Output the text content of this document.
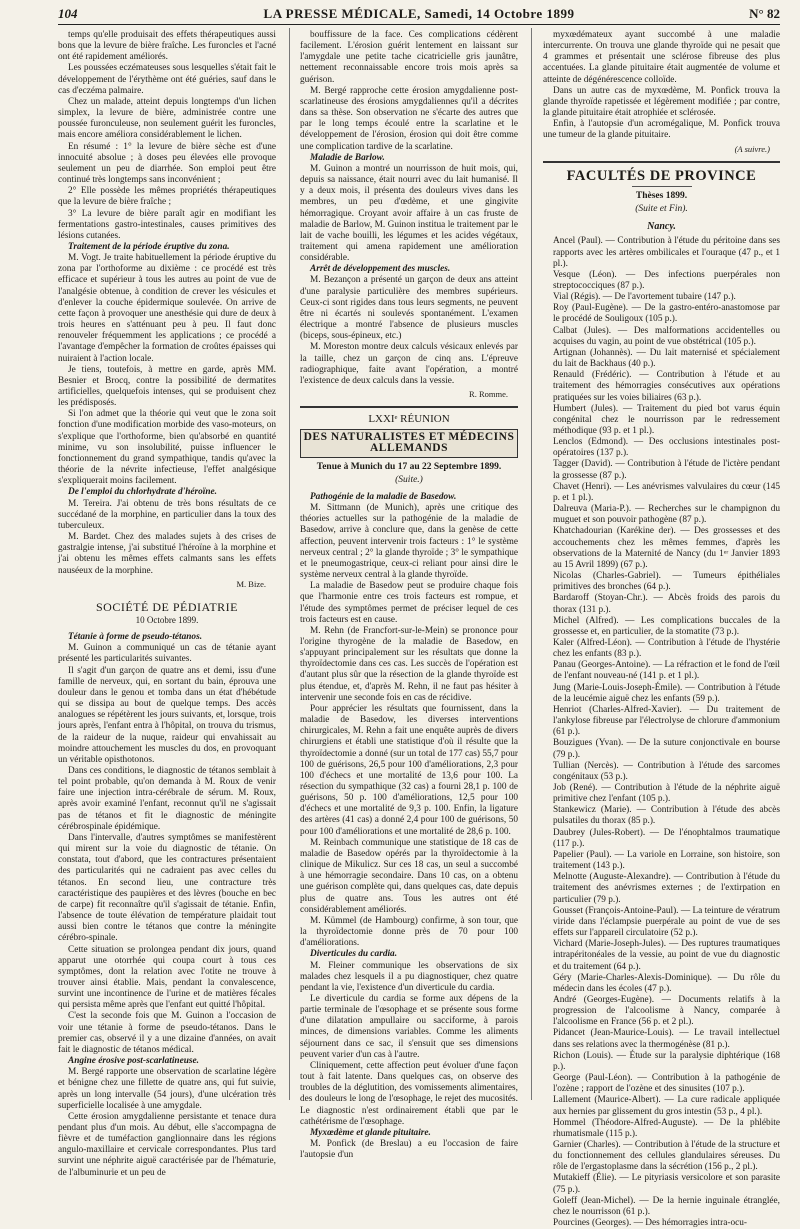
104	LA PRESSE MÉDICALE, Samedi, 14 Octobre 1899	N° 82

temps qu'elle produisait des effets thérapeutiques aussi bons que la levure de bière fraîche. Les furoncles et l'acné ont été rapidement améliorés.

Les poussées eczémateuses sous lesquelles s'était fait le développement de l'érythème ont été guéries, sauf dans le cas d'eczéma palmaire.

Chez un malade, atteint depuis longtemps d'un lichen simplex, la levure de bière, administrée contre une poussée furonculeuse, non seulement guérit les furoncles, mais encore améliora considérablement le lichen.

En résumé : 1° la levure de bière sèche est d'une innocuité absolue ; à doses peu élevées elle provoque seulement un peu de diarrhée. Son emploi peut être continué très longtemps sans inconvénient ;

2° Elle possède les mêmes propriétés thérapeutiques que la levure de bière fraîche ;

3° La levure de bière paraît agir en modifiant les fermentations gastro-intestinales, causes primitives des lésions cutanées.

Traitement de la période éruptive du zona.

M. Vogt. Je traite habituellement la période éruptive du zona par l'orthoforme au dixième : ce procédé est très efficace et supérieur à tous les autres au point de vue de l'analgésie obtenue, à condition de crever les vésicules et d'enlever la couche épidermique soulevée. On arrive de cette façon à provoquer une anesthésie qui dure de deux à trois heures en s'atténuant peu à peu. Il faut donc renouveler fréquemment les applications ; ce procédé a l'avantage d'empêcher la formation de croûtes épaisses qui nuiraient à l'action locale.

Je tiens, toutefois, à mettre en garde, après MM. Besnier et Brocq, contre la possibilité de dermatites artificielles, quelquefois intenses, qui se produisent chez les prédisposés.

Si l'on admet que la théorie qui veut que le zona soit fonction d'une modification morbide des vaso-moteurs, on s'explique que l'orthoforme, bien qu'absorbé en quantité minime, vu son insolubilité, puisse influencer le fonctionnement du grand sympathique, tandis qu'avec la théorie de la névrite infectieuse, l'effet analgésique s'expliquerait moins facilement.

De l'emploi du chlorhydrate d'héroïne.

M. Tereira. J'ai obtenu de très bons résultats de ce succédané de la morphine, en particulier dans la toux des tuberculeux.

M. Bardet. Chez des malades sujets à des crises de gastralgie intense, j'ai substitué l'héroïne à la morphine et j'ai obtenu les mêmes effets calmants sans les effets nauséeux de la morphine.

M. Bize.

SOCIÉTÉ DE PÉDIATRIE

10 Octobre 1899.

Tétanie à forme de pseudo-tétanos.

M. Guinon a communiqué un cas de tétanie ayant présenté les particularités suivantes.

Il s'agit d'un garçon de quatre ans et demi, issu d'une famille de nerveux, qui, en sortant du bain, éprouva une douleur dans le genou et tomba dans un état d'hébétude qui se dissipa au bout de quelque temps. Des accès analogues se répétèrent les jours suivants, et, lorsque, trois jours après, l'enfant entra à l'hôpital, on trouva du trismus, de la raideur de la nuque, raideur qui envahissait au moindre attouchement les muscles du dos, en provoquant un véritable opisthotonos.

Dans ces conditions, le diagnostic de tétanos semblait à tel point probable, qu'on demanda à M. Roux de venir faire une injection intra-cérébrale de sérum. M. Roux, après avoir examiné l'enfant, reconnut qu'il ne s'agissait pas de tétanos et fit le diagnostic de méningite cérébrospinale épidémique.

Dans l'intervalle, d'autres symptômes se manifestèrent qui mirent sur la voie du diagnostic de tétanie. On constata, tout d'abord, que les contractures présentaient des particularités qui ne cadraient pas avec celles du tétanos. En second lieu, une contracture très caractéristique des paupières et des lèvres (bouche en bec de carpe) fit reconnaître qu'il s'agissait de tétanie. Enfin, l'absence de toute élévation de température plaidait tout aussi bien contre le tétanos que contre la méningite cérébro-spinale.

Cette situation se prolongea pendant dix jours, quand apparut une otorrhée qui coupa court à tous ces symptômes, dont la relation avec l'otite ne trouve à trouver ainsi établie. Mais, pendant la convalescence, survint une incontinence de l'urine et de matières fécales qui persista même après que l'enfant eut quitté l'hôpital.

C'est la seconde fois que M. Guinon a l'occasion de voir une tétanie à forme de pseudo-tétanos. Dans le premier cas, observé il y a une dizaine d'années, on avait fait le diagnostic de tétanos médical.

Angine érosive post-scarlatineuse.

M. Bergé rapporte une observation de scarlatine légère et bénigne chez une fillette de quatre ans, qui fut suivie, après un long intervalle (54 jours), d'une ulcération très superficielle localisée à une amygdale.

Cette érosion amygdalienne persistante et tenace dura pendant plus d'un mois. Au début, elle s'accompagna de fièvre et de tuméfaction ganglionnaire dans les régions angulo-maxillaire et cervicale correspondantes. Plus tard survint une néphrite aiguë caractérisée par de l'hématurie, de l'albuminurie et un peu de

bouffissure de la face. Ces complications cédèrent facilement. L'érosion guérit lentement en laissant sur l'amygdale une petite tache cicatricielle gris jaunâtre, nettement reconnaissable encore trois mois après sa guérison.

M. Bergé rapproche cette érosion amygdalienne post-scarlatineuse des érosions amygdaliennes qu'il a décrites dans sa thèse. Son observation ne s'écarte des autres que par le long temps écoulé entre la scarlatine et le développement de l'érosion, érosion qui doit être comme une complication tardive de la scarlatine.

Maladie de Barlow.

M. Guinon a montré un nourrisson de huit mois, qui, depuis sa naissance, était nourri avec du lait humanisé. Il y a deux mois, il présenta des douleurs vives dans les membres, un peu d'œdème, et une gingivite hémorragique. Croyant avoir affaire à un cas fruste de maladie de Barlow, M. Guinon institua le traitement par le lait de vache bouilli, les légumes et les acides végétaux, traitement qui amena rapidement une amélioration considérable.

Arrêt de développement des muscles.

M. Bezançon a présenté un garçon de deux ans atteint d'une paralysie particulière des membres supérieurs. Ceux-ci sont rigides dans tous leurs segments, ne peuvent être ni écartés ni soulevés spontanément. L'examen électrique a montré l'absence de plusieurs muscles (biceps, sous-épineux, etc.)

M. Moreston montre deux calculs vésicaux enlevés par la taille, chez un garçon de cinq ans. L'épreuve radiographique, faite avant l'opération, a montré l'existence de deux calculs dans la vessie.

R. Romme.

LXXIᵉ RÉUNION

DES NATURALISTES ET MÉDECINS ALLEMANDS

Tenue à Munich du 17 au 22 Septembre 1899.

(Suite.)

Pathogénie de la maladie de Basedow.

M. Sittmann (de Munich), après une critique des théories actuelles sur la pathogénie de la maladie de Basedow, arrive à conclure que, dans la genèse de cette affection, peuvent intervenir trois facteurs : 1° le système nerveux central ; 2° la glande thyroïde ; 3° le sympathique et le pneumogastrique, ceux-ci reliant pour ainsi dire le système nerveux central à la glande thyroïde.

La maladie de Basedow peut se produire chaque fois que l'harmonie entre ces trois facteurs est rompue, et l'étude des symptômes permet de préciser lequel de ces trois facteurs est en cause.

M. Rehn (de Francfort-sur-le-Mein) se prononce pour l'origine thyrogène de la maladie de Basedow, en s'appuyant principalement sur les résultats que donne la thyroïdectomie dans ces cas. Les succès de l'opération est d'autant plus sûr que la résection de la glande thyroïde est plus étendue, et, d'après M. Rehn, il ne faut pas hésiter à intervenir une seconde fois en cas de récidive.

Pour apprécier les résultats que fournissent, dans la maladie de Basedow, les diverses interventions chirurgicales, M. Rehn a fait une enquête auprès de divers chirurgiens et établi une statistique d'où il résulte que la thyroïdectomie a donné (sur un total de 177 cas) 55,7 pour 100 de guérisons, 26,5 pour 100 d'améliorations, 2,3 pour 100 d'échecs et une mortalité de 13,6 pour 100. La résection du sympathique (32 cas) a fourni 28,1 p. 100 de guérisons, 50 p. 100 d'améliorations, 12,5 pour 100 d'échecs et une mortalité de 9,3 p. 100. Enfin, la ligature des artères (41 cas) a donné 2,4 pour 100 de guérisons, 50 pour 100 d'améliorations et une mortalité de 28,6 p. 100.

M. Reinbach communique une statistique de 18 cas de maladie de Basedow opérés par la thyroïdectomie à la clinique de Mikulicz. Sur ces 18 cas, un seul a succombé à une hémorragie secondaire. Dans 10 cas, on a obtenu une guérison complète qui, dans quelques cas, date depuis plus de quatre ans. Tous les autres ont été considérablement améliorés.

M. Kümmel (de Hambourg) confirme, à son tour, que la thyroïdectomie donne près de 70 pour 100 d'améliorations.

Diverticules du cardia.

M. Fleiner communique les observations de six malades chez lesquels il a pu diagnostiquer, chez quatre pendant la vie, l'existence d'un diverticule du cardia.

Le diverticule du cardia se forme aux dépens de la partie terminale de l'œsophage et se présente sous forme d'une dilatation ampullaire ou sacciforme, à parois minces, de dimensions variables. Comme les aliments séjournent dans ce sac, il s'ensuit que ses dimensions peuvent varier d'un cas à l'autre.

Cliniquement, cette affection peut évoluer d'une façon tout à fait latente. Dans quelques cas, on observe des troubles de la déglutition, des vomissements alimentaires, des douleurs le long de l'œsophage, le rejet des mucosités. Le diagnostic n'est ordinairement établi que par le cathétérisme de l'œsophage.

Myxœdème et glande pituitaire.

M. Ponfick (de Breslau) a eu l'occasion de faire l'autopsie d'un

myxœdémateux ayant succombé à une maladie intercurrente. On trouva une glande thyroïde qui ne pesait que 4 grammes et présentait une sclérose fibreuse des plus accentuées. La glande pituitaire était augmentée de volume et atteinte de dégénérescence colloïde.

Dans un autre cas de myxœdème, M. Ponfick trouva la glande thyroïde rapetissée et légèrement modifiée ; par contre, la glande pituitaire était atrophiée et sclérosée.

Enfin, à l'autopsie d'un acromégalique, M. Ponfick trouva une tumeur de la glande pituitaire.

(A suivre.)

FACULTÉS DE PROVINCE

Thèses 1899.

(Suite et Fin).

Nancy.

Ancel (Paul). — Contribution à l'étude du péritoine dans ses rapports avec les artères ombilicales et l'ouraque (47 p., et 1 pl.).

Vesque (Léon). — Des infections puerpérales non streptococciques (87 p.).

Vial (Régis). — De l'avortement tubaire (147 p.).

Roy (Paul-Eugène). — De la gastro-entéro-anastomose par le procédé de Souligoux (105 p.).

Calbat (Jules). — Des malformations accidentelles ou acquises du vagin, au point de vue obstétrical (105 p.).

Artignan (Johannès). — Du lait maternisé et spécialement du lait de Backhaus (40 p.).

Renauld (Frédéric). — Contribution à l'étude et au traitement des hémorragies consécutives aux opérations pratiquées sur les voies biliaires (63 p.).

Humbert (Jules). — Traitement du pied bot varus équin congénital chez le nourrisson par le redressement méthodique (93 p. et 1 pl.).

Lenclos (Edmond). — Des occlusions intestinales post-opératoires (137 p.).

Tagger (David). — Contribution à l'étude de l'ictère pendant la grossesse (87 p.).

Chavet (Henri). — Les anévrismes valvulaires du cœur (145 p. et 1 pl.).

Dalreuva (Maria-P.). — Recherches sur le champignon du muguet et son pouvoir pathogène (87 p.).

Khatchadourian (Karékine der). — Des grossesses et des accouchements chez les mêmes femmes, d'après les observations de la Maternité de Nancy (du 1ᵉʳ Janvier 1893 au 15 Avril 1899) (67 p.).

Nicolas (Charles-Gabriel). — Tumeurs épithéliales primitives des bronches (64 p.).

Bardaroff (Stoyan-Chr.). — Abcès froids des parois du thorax (131 p.).

Michel (Alfred). — Les complications buccales de la grossesse et, en particulier, de la stomatite (73 p.).

Kaler (Alfred-Léon). — Contribution à l'étude de l'hystérie chez les enfants (83 p.).

Panau (Georges-Antoine). — La réfraction et le fond de l'œil de l'enfant nouveau-né (141 p. et 1 pl.).

Jung (Marie-Louis-Joseph-Émile). — Contribution à l'étude de la leucémie aiguë chez les enfants (59 p.).

Henriot (Charles-Alfred-Xavier). — Du traitement de l'ankylose fibreuse par l'électrolyse de chlorure d'ammonium (61 p.).

Bouzigues (Yvan). — De la suture conjonctivale en bourse (79 p.).

Tullian (Nercès). — Contribution à l'étude des sarcomes congénitaux (53 p.).

Job (René). — Contribution à l'étude de la néphrite aiguë primitive chez l'enfant (105 p.).

Stankewicz (Marie). — Contribution à l'étude des abcès pulsatiles du thorax (85 p.).

Daubrey (Jules-Robert). — De l'énophtalmos traumatique (117 p.).

Papelier (Paul). — La variole en Lorraine, son histoire, son traitement (143 p.).

Melnotte (Auguste-Alexandre). — Contribution à l'étude du traitement des anévrismes externes ; de l'extirpation en particulier (79 p.).

Gousset (François-Antoine-Paul). — La teinture de vératrum viride dans l'éclampsie puerpérale au point de vue de ses effets sur l'appareil circulatoire (52 p.).

Vichard (Marie-Joseph-Jules). — Des ruptures traumatiques intrapéritonéales de la vessie, au point de vue du diagnostic et du traitement (64 p.).

Géry (Marie-Charles-Alexis-Dominique). — Du rôle du médecin dans les écoles (47 p.).

André (Georges-Eugène). — Documents relatifs à la progression de l'alcoolisme à Nancy, comparée à l'alcoolisme en France (56 p. et 2 pl.).

Pidancet (Jean-Maurice-Louis). — Le travail intellectuel dans ses relations avec la thermogénèse (81 p.).

Richon (Louis). — Étude sur la paralysie diphtérique (168 p.).

George (Paul-Léon). — Contribution à la pathogénie de l'ozène ; rapport de l'ozène et des sinusites (107 p.).

Lallement (Maurice-Albert). — La cure radicale appliquée aux hernies par glissement du gros intestin (53 p., 4 pl.).

Hommel (Théodore-Alfred-Auguste). — De la phlébite rhumatismale (115 p.).

Garnier (Charles). — Contribution à l'étude de la structure et du fonctionnement des cellules glandulaires séreuses. Du rôle de l'ergastoplasme dans la sécrétion (156 p., 2 pl.).

Mutakieff (Élie). — Le pityriasis versicolore et son parasite (75 p.).

Goleff (Jean-Michel). — De la hernie inguinale étranglée, chez le nourrisson (61 p.).

Pourcines (Georges). — Des hémorragies intra-ocu-
